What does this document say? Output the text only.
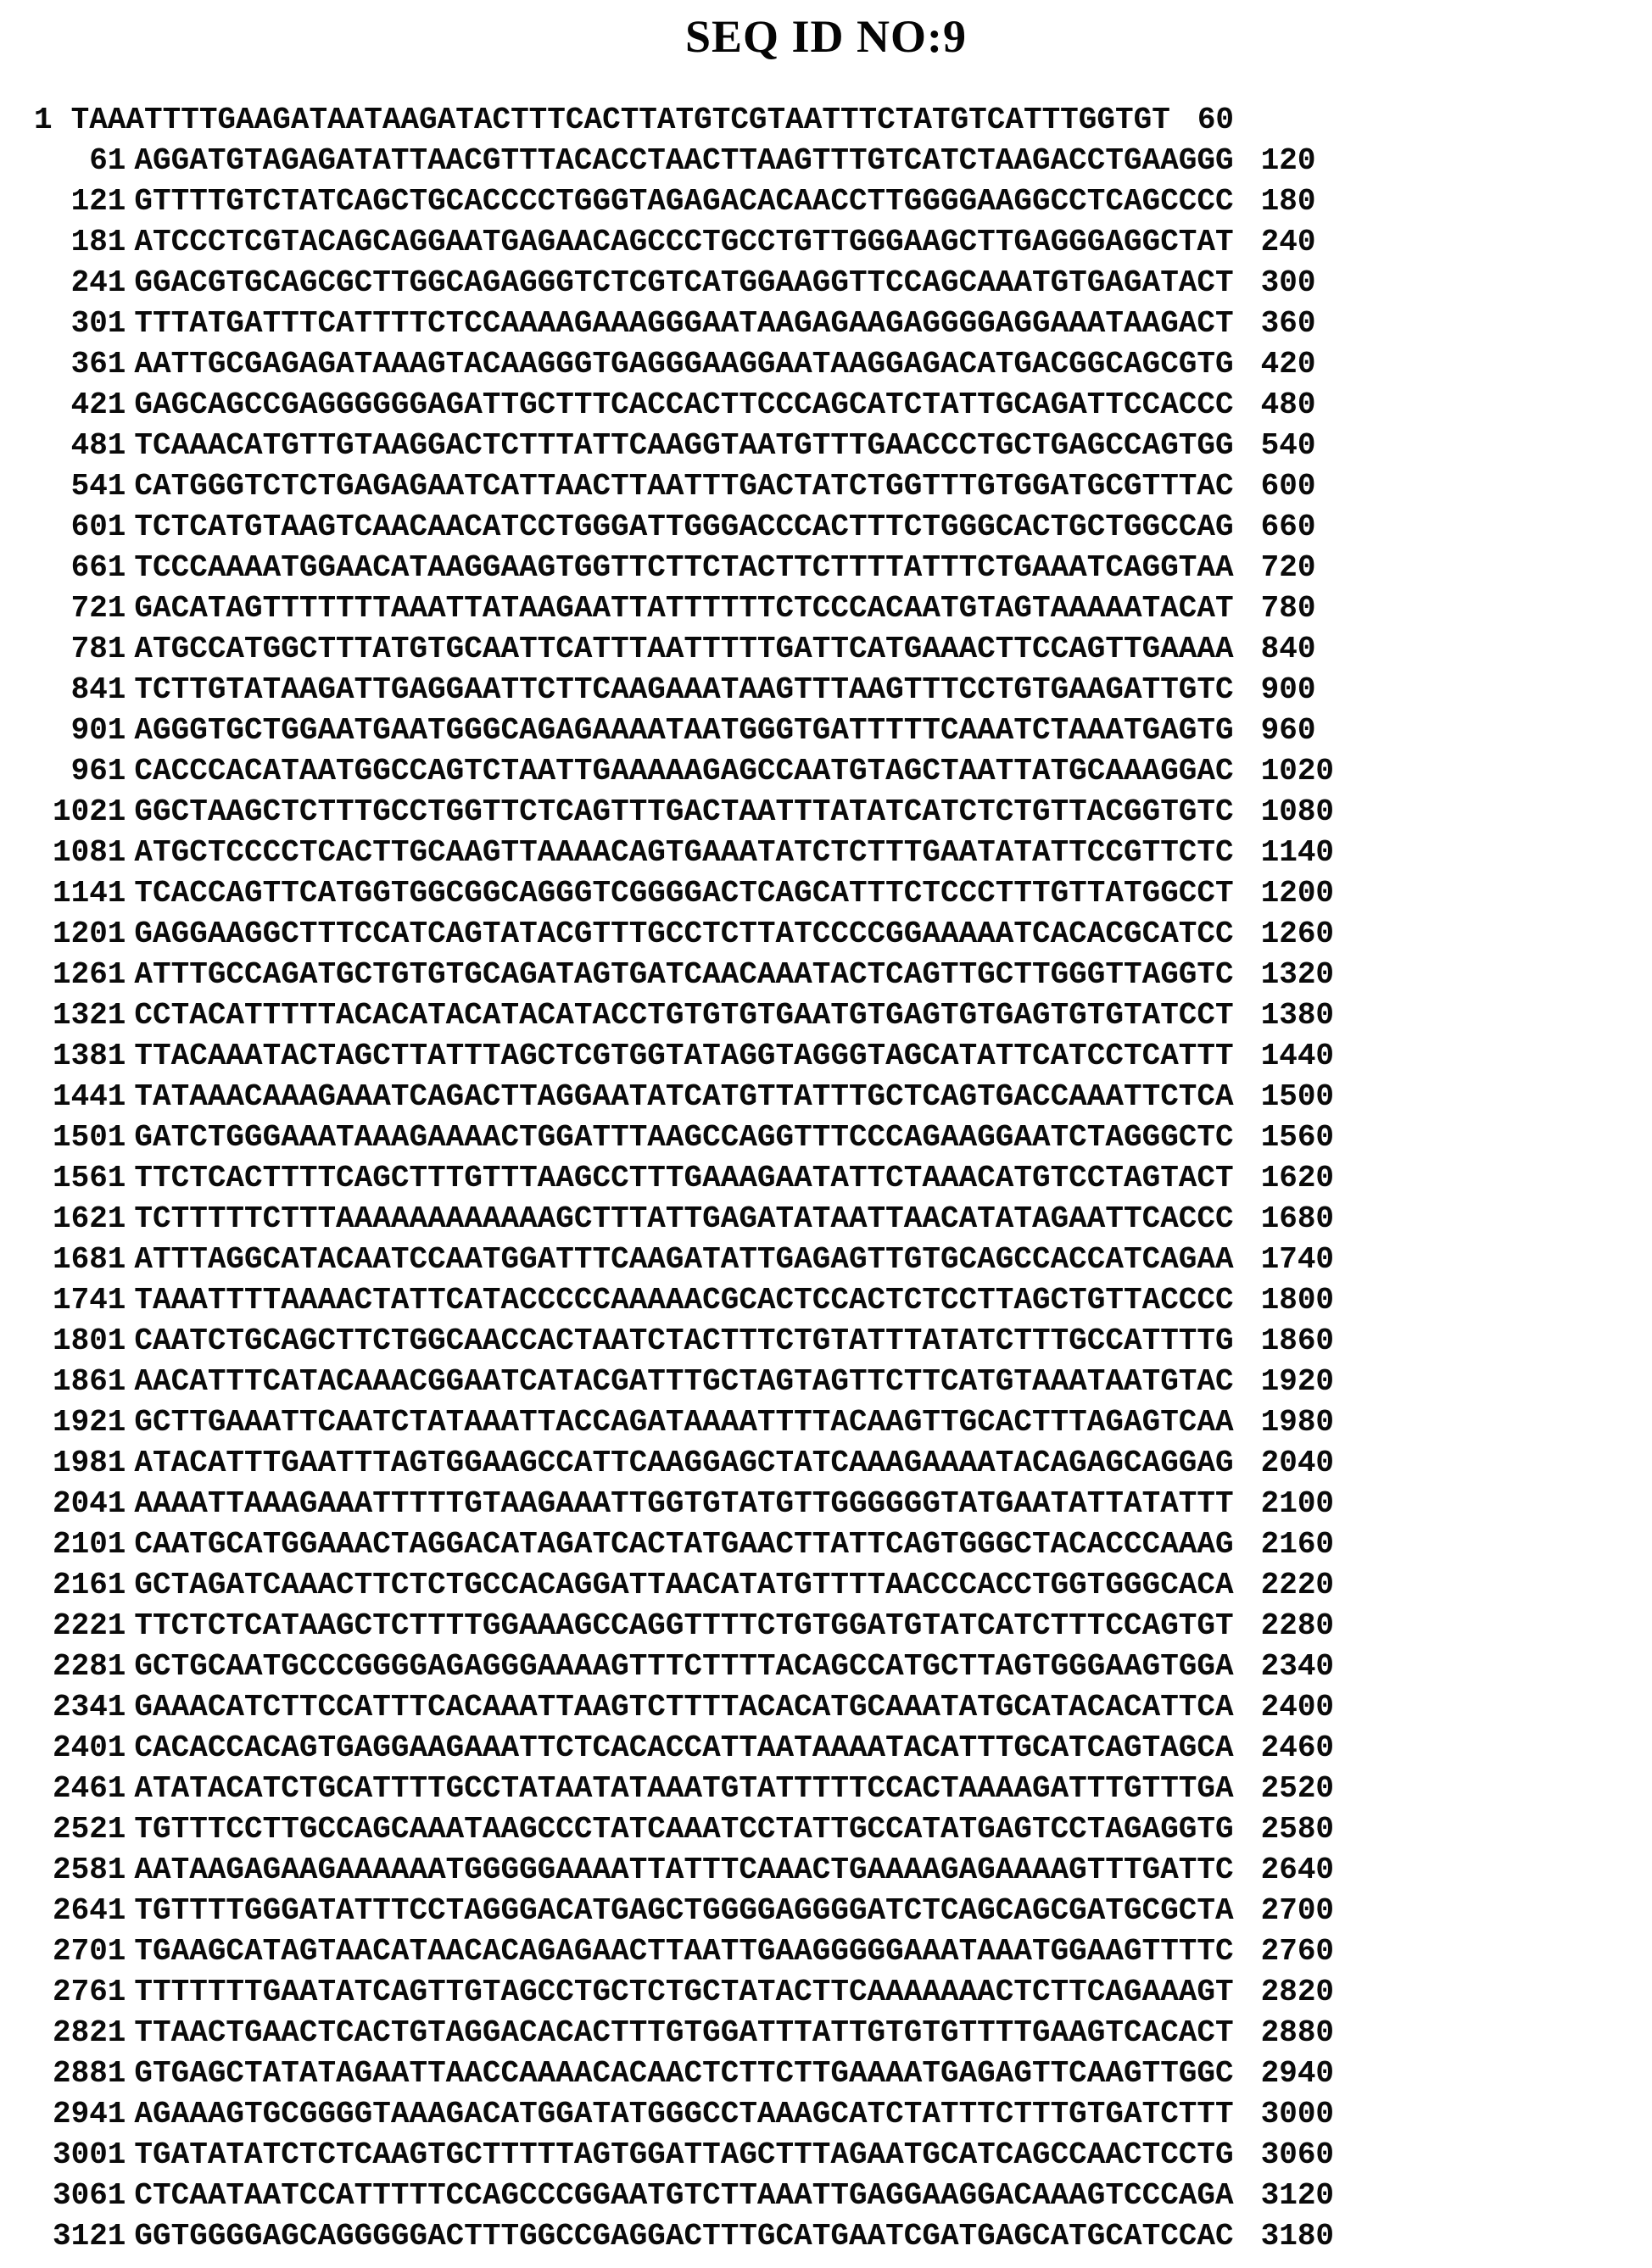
SEQ ID NO:9
1 TAAATTTTGAAGATAATAAGATACTTTCACTTATGTCGTAATTTCTATGTCATTTGGTGT 60
61 AGGATGTAGAGATATTAACGTTTACACCTAACTTAAGTTTGTCATCTAAGACCTGAAGGG 120
121 GTTTTGTCTATCAGCTGCACCCCTGGGTAGAGACACAACCTTGGGGAAGGCCTCAGCCCC 180
181 ATCCCTCGTACAGCAGGAATGAGAACAGCCCTGCCTGTTGGGAAGCTTGAGGGAGGCTAT 240
241 GGACGTGCAGCGCTTGGCAGAGGGTCTCGTCATGGAAGGTTCCAGCAAATGTGAGATACT 300
301 TTTATGATTTCATTTTCTCCAAAAGAAAGGGAATAAGAGAAGAGGGGAGGAAATAAGACT 360
361 AATTGCGAGAGATAAAGTACAAGGGTGAGGGAAGGAATAAGGAGACATGACGGCAGCGTG 420
421 GAGCAGCCGAGGGGGGAGATTGCTTTCACCACTTCCCAGCATCTATTGCAGATTCCACCC 480
481 TCAAACATGTTGTAAGGACTCTTTATTCAAGGTAATGTTTGAACCCTGCTGAGCCAGTGG 540
541 CATGGGTCTCTGAGAGAATCATTAACTTAATTTGACTATCTGGTTTGTGGATGCGTTTAC 600
601 TCTCATGTAAGTCAACAACATCCTGGGATTGGGACCCACTTTCTGGGCACTGCTGGCCAG 660
661 TCCCAAAATGGAACATAAGGAAGTGGTTCTTCTACTTCTTTTATTTCTGAAATCAGGTAA 720
721 GACATAGTTTTTTTAAATTATAAGAATTATTTTTTCTCCCACAATGTAGTAAAAATACAT 780
781 ATGCCATGGCTTTATGTGCAATTCATTTAATTTTTGATTCATGAAACTTCCAGTTGAAAA 840
841 TCTTGTATAAGATTGAGGAATTCTTCAAGAAATAAGTTTAAGTTTCCTGTGAAGATTGTC 900
901 AGGGTGCTGGAATGAATGGGCAGAGAAAATAATGGGTGATTTTTCAAATCTAAATGAGTG 960
961 CACCCACATAATGGCCAGTCTAATTGAAAAAGAGCCAATGTAGCTAATTATGCAAAGGAC 1020
1021 GGCTAAGCTCTTTGCCTGGTTCTCAGTTTGACTAATTTATATCATCTCTGTTACGGTGTC 1080
1081 ATGCTCCCCTCACTTGCAAGTTAAAACAGTGAAATATCTCTTTGAATATATTCCGTTCTC 1140
1141 TCACCAGTTCATGGTGGCGGCAGGGTCGGGGACTCAGCATTTCTCCCTTTGTTATGGCCT 1200
1201 GAGGAAGGCTTTCCATCAGTATACGTTTGCCTCTTATCCCCGGAAAAATCACACGCATCC 1260
1261 ATTTGCCAGATGCTGTGTGCAGATAGTGATCAACAAATACTCAGTTGCTTGGGTTAGGTC 1320
1321 CCTACATTTTTACACATACATACATACCTGTGTGTGAATGTGAGTGTGAGTGTGTATCCT 1380
1381 TTACAAATACTAGCTTATTTAGCTCGTGGTATAGGTAGGGTAGCATATTCATCCTCATTT 1440
1441 TATAAACAAAGAAATCAGACTTAGGAATATCATGTTATTTGCTCAGTGACCAAATTCTCA 1500
1501 GATCTGGGAAATAAAGAAAACTGGATTTAAGCCAGGTTTCCCAGAAGGAATCTAGGGCTC 1560
1561 TTCTCACTTTTCAGCTTTGTTTAAGCCTTTGAAAGAATATTCTAAACATGTCCTAGTACT 1620
1621 TCTTTTTCTTTAAAAAAAAAAAAGCTTTATTGAGATATAATTAACATATAGAATTCACCC 1680
1681 ATTTAGGCATACAATCCAATGGATTTCAAGATATTGAGAGTTGTGCAGCCACCATCAGAA 1740
1741 TAAATTTTAAAACTATTCATACCCCCAAAAACGCACTCCACTCTCCTTAGCTGTTACCCC 1800
1801 CAATCTGCAGCTTCTGGCAACCACTAATCTACTTTCTGTATTTATATCTTTGCCATTTTG 1860
1861 AACATTTCATACAAACGGAATCATACGATTTGCTAGTAGTTCTTCATGTAAATAATGTAC 1920
1921 GCTTGAAATTCAATCTATAAATTACCAGATAAAATTTTACAAGTTGCACTTTAGAGTCAA 1980
1981 ATACATTTGAATTTAGTGGAAGCCATTCAAGGAGCTATCAAAGAAAATACAGAGCAGGAG 2040
2041 AAAATTAAAGAAATTTTTGTAAGAAATTGGTGTATGTTGGGGGGTATGAATATTATATTT 2100
2101 CAATGCATGGAAACTAGGACATAGATCACTATGAACTTATTCAGTGGGCTACACCCAAAG 2160
2161 GCTAGATCAAACTTCTCTGCCACAGGATTAACATATGTTTTAACCCACCTGGTGGGCACA 2220
2221 TTCTCTCATAAGCTCTTTTGGAAAGCCAGGTTTTCTGTGGATGTATCATCTTTCCAGTGT 2280
2281 GCTGCAATGCCCGGGGAGAGGGAAAAGTTTCTTTTACAGCCATGCTTAGTGGGAAGTGGA 2340
2341 GAAACATCTTCCATTTCACAAATTAAGTCTTTTACACATGCAAATATGCATACACATTCA 2400
2401 CACACCACAGTGAGGAAGAAATTCTCACACCATTAATAAAATACATTTGCATCAGTAGCA 2460
2461 ATATACATCTGCATTTTGCCTATAATATAAATGTATTTTTCCACTAAAAGATTTGTTTGA 2520
2521 TGTTTCCTTGCCAGCAAATAAGCCCTATCAAATCCTATTGCCATATGAGTCCTAGAGGTG 2580
2581 AATAAGAGAAGAAAAAATGGGGGAAAATTATTTCAAACTGAAAAGAGAAAAGTTTGATTC 2640
2641 TGTTTTGGGATATTTCCTAGGGACATGAGCTGGGGAGGGGATCTCAGCAGCGATGCGCTA 2700
2701 TGAAGCATAGTAACATAACACAGAGAACTTAATTGAAGGGGGAAATAAATGGAAGTTTTC 2760
2761 TTTTTTTGAATATCAGTTGTAGCCTGCTCTGCTATACTTCAAAAAAACTCTTCAGAAAGT 2820
2821 TTAACTGAACTCACTGTAGGACACACTTTGTGGATTTATTGTGTGTTTTGAAGTCACACT 2880
2881 GTGAGCTATATAGAATTAACCAAAACACAACTCTTCTTGAAAATGAGAGTTCAAGTTGGC 2940
2941 AGAAAGTGCGGGGTAAAGACATGGATATGGGCCTAAAGCATCTATTTCTTTGTGATCTTT 3000
3001 TGATATATCTCTCAAGTGCTTTTTAGTGGATTAGCTTTAGAATGCATCAGCCAACTCCTG 3060
3061 CTCAATAATCCATTTTTCCAGCCCGGAATGTCTTAAATTGAGGAAGGACAAAGTCCCAGA 3120
3121 GGTGGGGAGCAGGGGGACTTTGGCCGAGGACTTTGCATGAATCGATGAGCATGCATCCAC 3180
